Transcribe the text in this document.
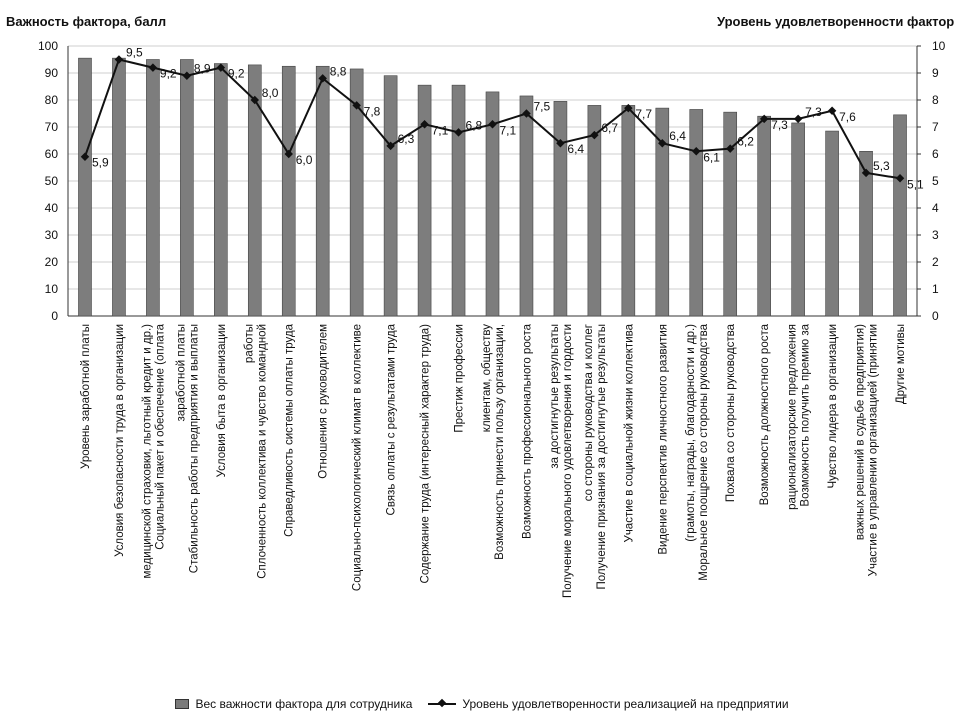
Важность фактора, балл	Уровень удовлетворенности фактор
0
10
20
30
40
50
60
70
80
90
100
0
1
2
3
4
5
6
7
8
9
10
5,9
9,5
9,2 8,9 9,2
8,0
6,0
8,8
7,8
6,3
7,1 6,8 7,1
7,5
6,4
6,7
7,7
6,4
6,1
6,2
7,3
7,3 7,6
5,3
5,1
Уровень заработной платы Условия безопасности труда в организации	Социальный пакет и обеспечение (оплатамедицинской страховки, льготный кредит и др.)	Стабильность работы предприятия и выплатызаработной платы	Условия быта в организации	Сплоченность коллектива и чувство команднойработы	Справедливость системы оплаты труда Отношения с руководителем Социально-психологический климат в коллективе Связь оплаты с результатами труда Содержание труда (интересный характер труда) Престиж профессии	Возможность принести пользу организации,клиентам, обществу	Возможность профессионального роста	Получение морального удовлетворения и гордостиза достигнутые результаты	Получение признания за достигнутые результатысо стороны руководства и коллег	Участие в социальной жизни коллектива Видение перспектив личностного развития	Моральное поощрение со стороны руководства(грамоты, награды, благодарности и др.)	Похвала со стороны руководства Возможность должностного роста	Возможность получить премию зарационализаторские предложения	Чувство лидера в организации	Участие в управлении организацией (принятииважных решений в судьбе предприятия)	Другие мотивы
Вес важности фактора для сотрудника	Уровень удовлетворенности реализацией на предприятии
